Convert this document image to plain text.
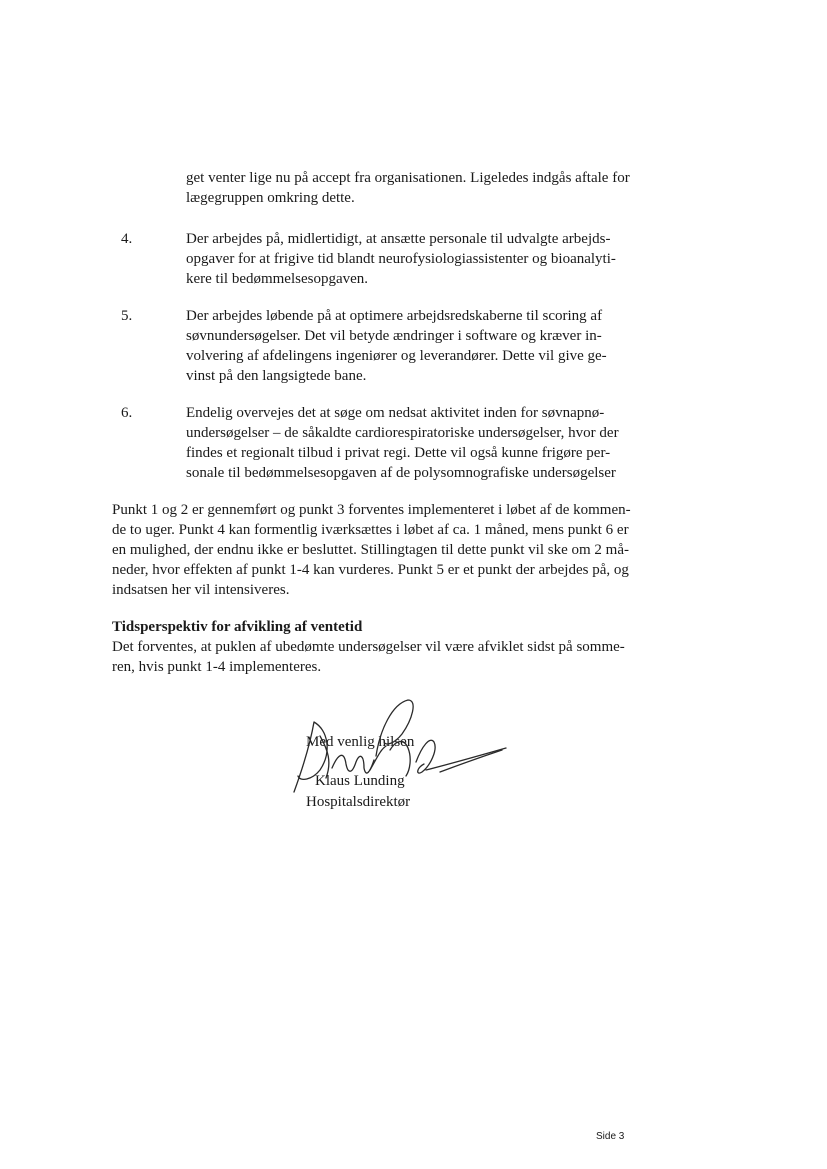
get venter lige nu på accept fra organisationen. Ligeledes indgås aftale for lægegruppen omkring dette.
4.	Der arbejdes på, midlertidigt, at ansætte personale til udvalgte arbejds-opgaver for at frigive tid blandt neurofysiologiassistenter og bioanalyti-kere til bedømmelsesopgaven.
5.	Der arbejdes løbende på at optimere arbejdsredskaberne til scoring af søvnundersøgelser. Det vil betyde ændringer i software og kræver in-volvering af afdelingens ingeniører og leverandører. Dette vil give ge-vinst på den langsigtede bane.
6.	Endelig overvejes det at søge om nedsat aktivitet inden for søvnapnø-undersøgelser – de såkaldte cardiorespiratoriske undersøgelser, hvor der findes et regionalt tilbud i privat regi. Dette vil også kunne frigøre per-sonale til bedømmelsesopgaven af de polysomnografiske undersøgelser
Punkt 1 og 2 er gennemført og punkt 3 forventes implementeret i løbet af de kommen-de to uger. Punkt 4 kan formentlig iværksættes i løbet af ca. 1 måned, mens punkt 6 er en mulighed, der endnu ikke er besluttet. Stillingtagen til dette punkt vil ske om 2 må-neder, hvor effekten af punkt 1-4 kan vurderes. Punkt 5 er et punkt der arbejdes på, og indsatsen her vil intensiveres.
Tidsperspektiv for afvikling af ventetid
Det forventes, at puklen af ubedømte undersøgelser vil være afviklet sidst på somme-ren, hvis punkt 1-4 implementeres.
Med venlig hilsen
Klaus Lunding
Hospitalsdirektør
Side 3
